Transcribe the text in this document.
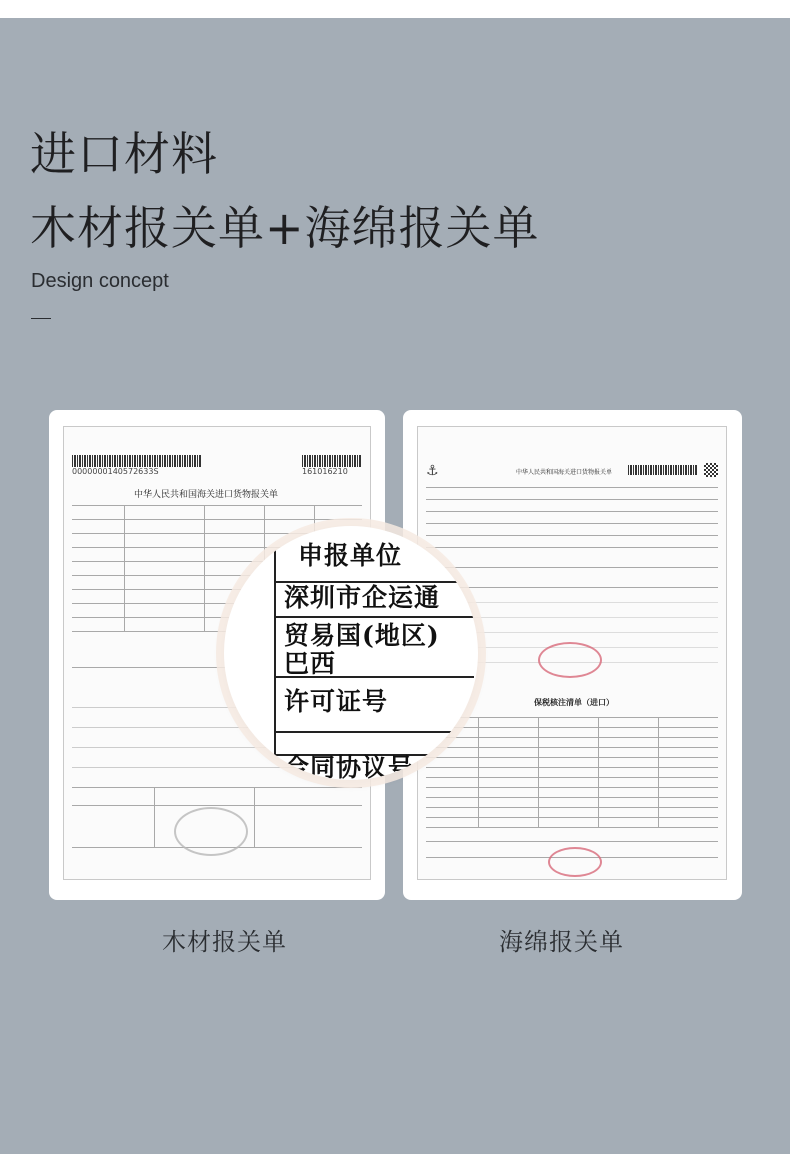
进口材料
木材报关单+海绵报关单
Design concept
0000000140572633S	161016210
中华人民共和国海关进口货物报关单
⚓	中华人民共和国海关进口货物报关单
保税核注清单（进口）
申报单位
深圳市企运通
贸易国(地区)
巴西
许可证号
合同协议号
木材报关单	海绵报关单
